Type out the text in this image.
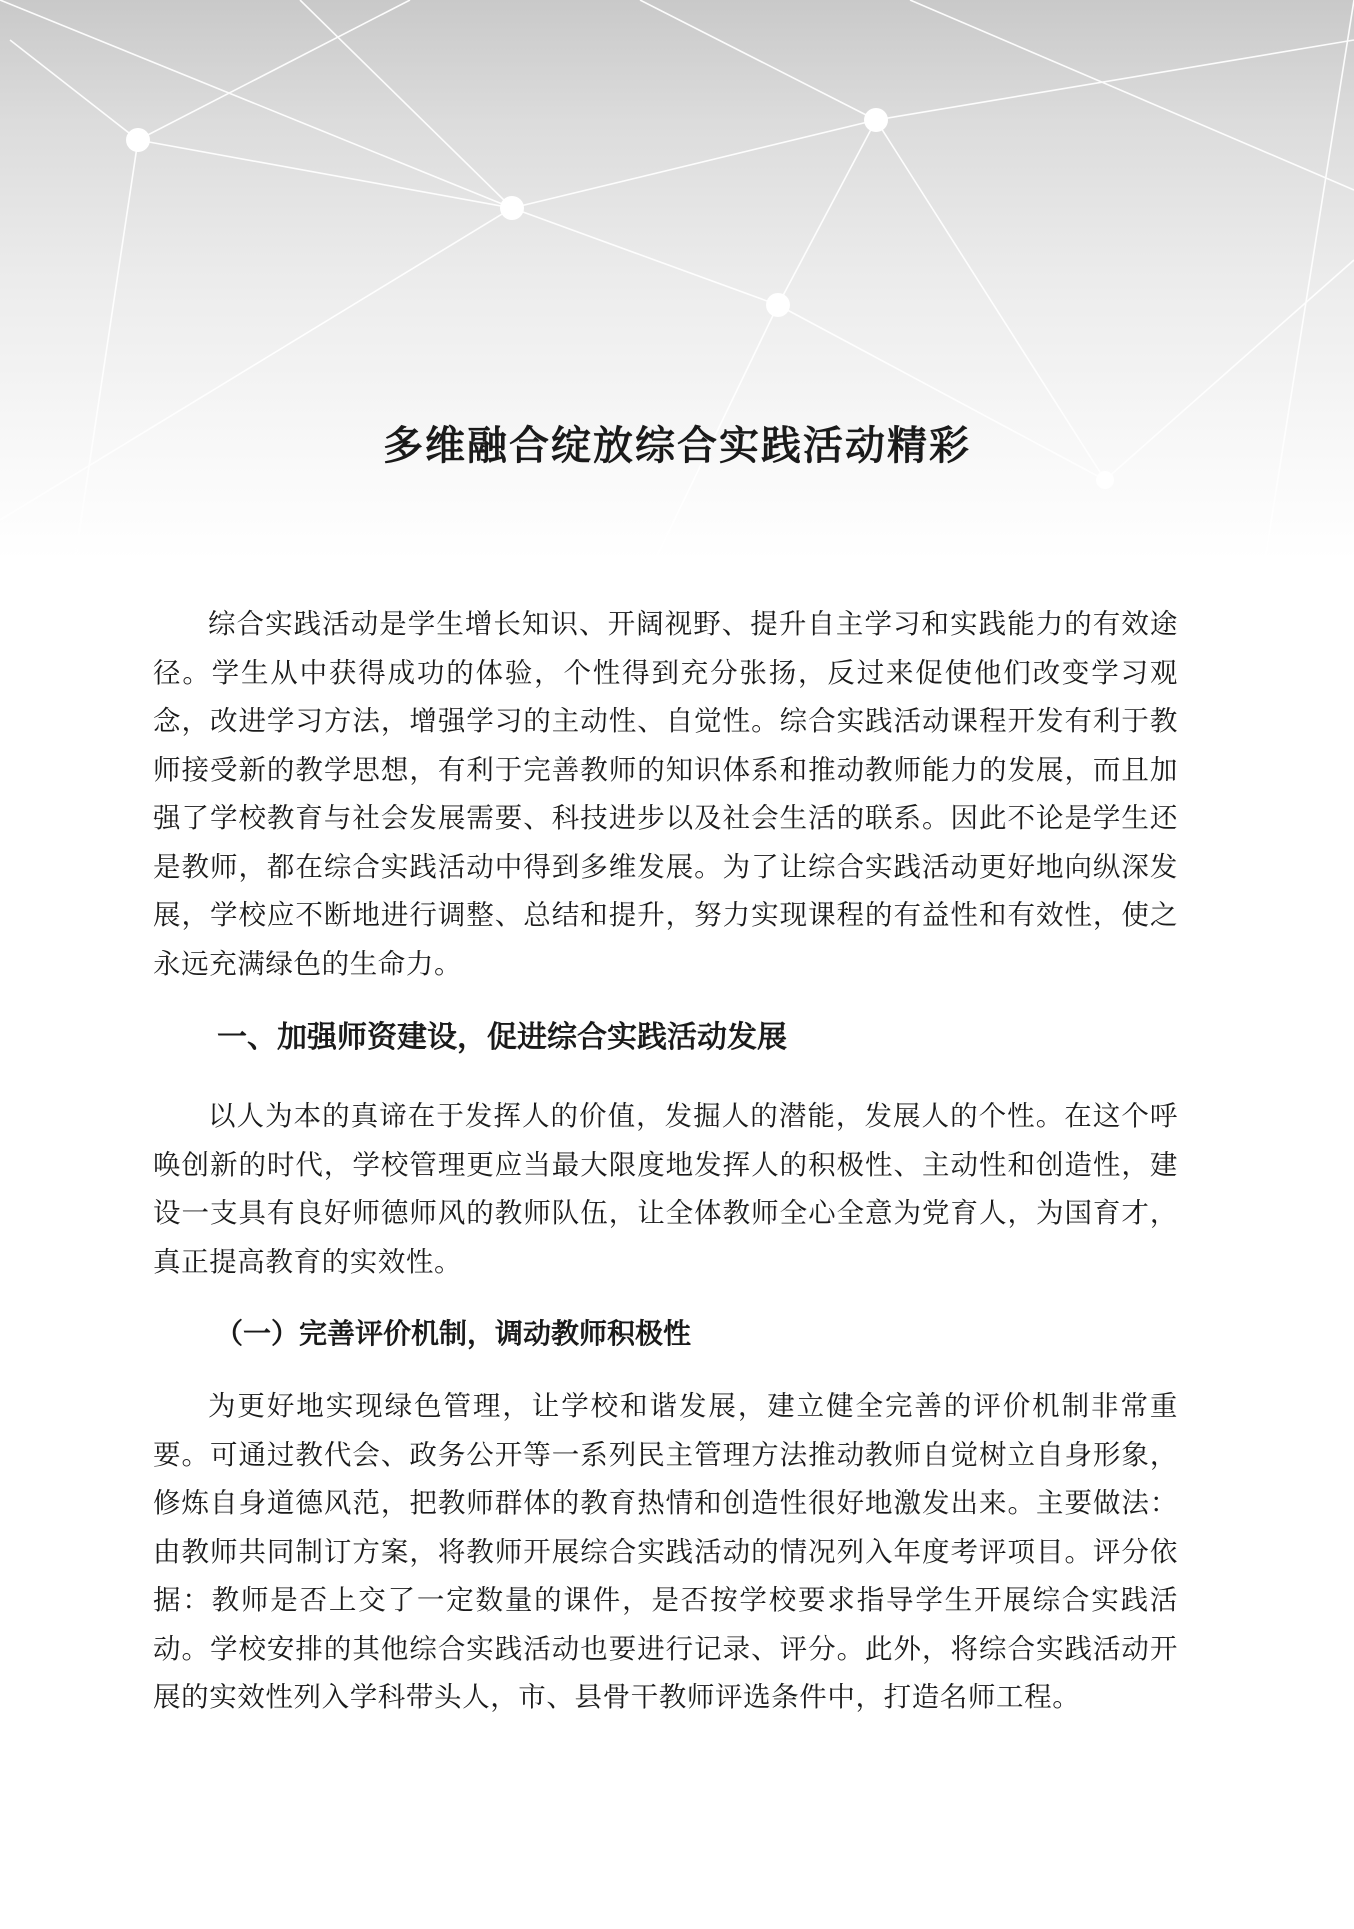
多维融合绽放综合实践活动精彩

综合实践活动是学生增长知识、开阔视野、提升自主学习和实践能力的有效途径。学生从中获得成功的体验，个性得到充分张扬，反过来促使他们改变学习观念，改进学习方法，增强学习的主动性、自觉性。综合实践活动课程开发有利于教师接受新的教学思想，有利于完善教师的知识体系和推动教师能力的发展，而且加强了学校教育与社会发展需要、科技进步以及社会生活的联系。因此不论是学生还是教师，都在综合实践活动中得到多维发展。为了让综合实践活动更好地向纵深发展，学校应不断地进行调整、总结和提升，努力实现课程的有益性和有效性，使之永远充满绿色的生命力。

一、加强师资建设，促进综合实践活动发展

以人为本的真谛在于发挥人的价值，发掘人的潜能，发展人的个性。在这个呼唤创新的时代，学校管理更应当最大限度地发挥人的积极性、主动性和创造性，建设一支具有良好师德师风的教师队伍，让全体教师全心全意为党育人，为国育才，真正提高教育的实效性。

（一）完善评价机制，调动教师积极性

为更好地实现绿色管理，让学校和谐发展，建立健全完善的评价机制非常重要。可通过教代会、政务公开等一系列民主管理方法推动教师自觉树立自身形象，修炼自身道德风范，把教师群体的教育热情和创造性很好地激发出来。主要做法：由教师共同制订方案，将教师开展综合实践活动的情况列入年度考评项目。评分依据：教师是否上交了一定数量的课件，是否按学校要求指导学生开展综合实践活动。学校安排的其他综合实践活动也要进行记录、评分。此外，将综合实践活动开展的实效性列入学科带头人，市、县骨干教师评选条件中，打造名师工程。
